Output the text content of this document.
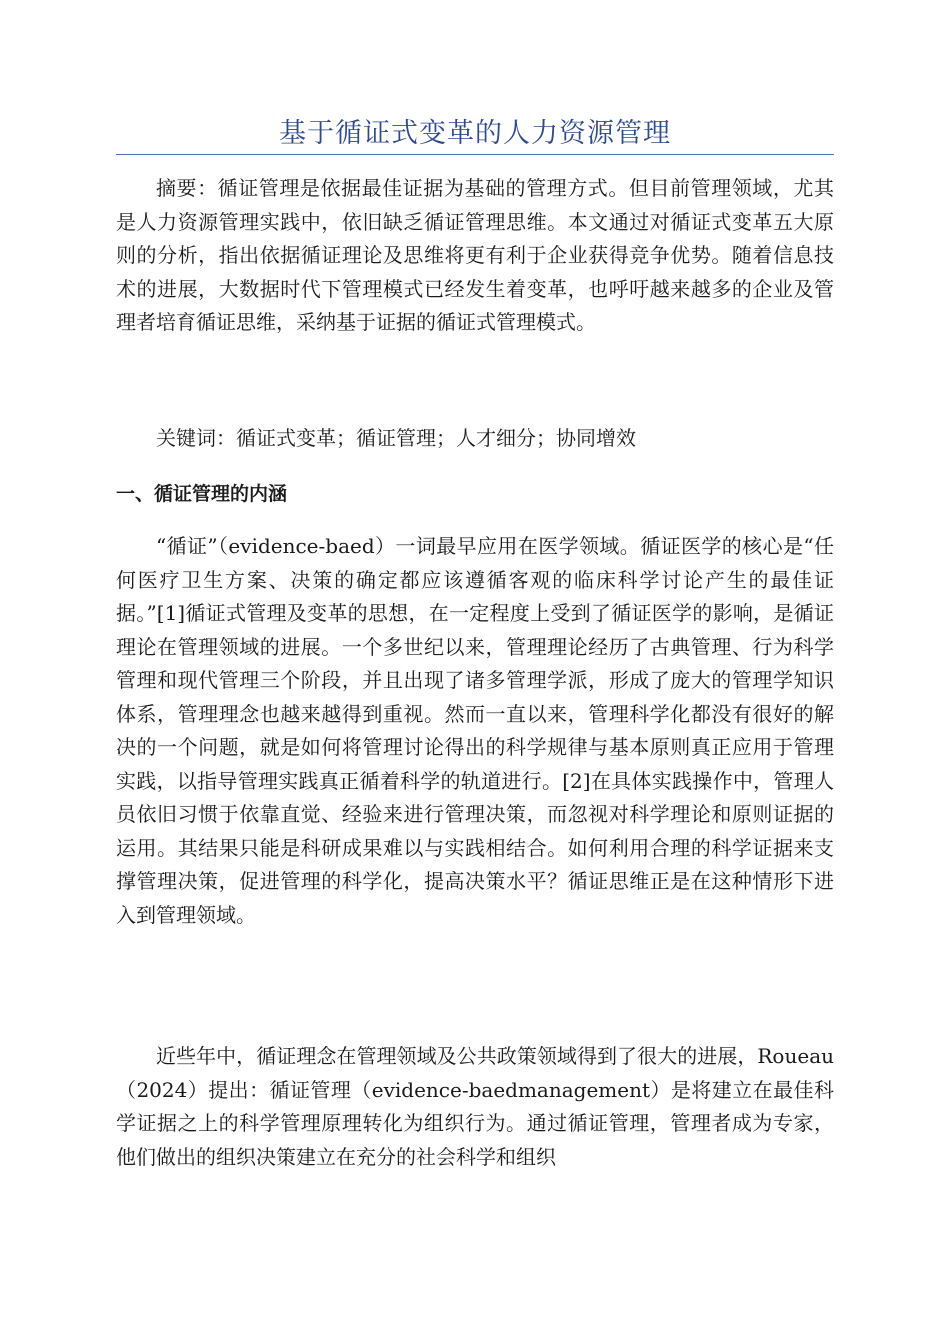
基于循证式变革的人力资源管理

摘要：循证管理是依据最佳证据为基础的管理方式。但目前管理领域，尤其是人力资源管理实践中，依旧缺乏循证管理思维。本文通过对循证式变革五大原则的分析，指出依据循证理论及思维将更有利于企业获得竞争优势。随着信息技术的进展，大数据时代下管理模式已经发生着变革，也呼吁越来越多的企业及管理者培育循证思维，采纳基于证据的循证式管理模式。

关键词：循证式变革；循证管理；人才细分；协同增效

一、循证管理的内涵

“循证”（evidence-baed）一词最早应用在医学领域。循证医学的核心是“任何医疗卫生方案、决策的确定都应该遵循客观的临床科学讨论产生的最佳证据。”[1]循证式管理及变革的思想，在一定程度上受到了循证医学的影响，是循证理论在管理领域的进展。一个多世纪以来，管理理论经历了古典管理、行为科学管理和现代管理三个阶段，并且出现了诸多管理学派，形成了庞大的管理学知识体系，管理理念也越来越得到重视。然而一直以来，管理科学化都没有很好的解决的一个问题，就是如何将管理讨论得出的科学规律与基本原则真正应用于管理实践，以指导管理实践真正循着科学的轨道进行。[2]在具体实践操作中，管理人员依旧习惯于依靠直觉、经验来进行管理决策，而忽视对科学理论和原则证据的运用。其结果只能是科研成果难以与实践相结合。如何利用合理的科学证据来支撑管理决策，促进管理的科学化，提高决策水平？循证思维正是在这种情形下进入到管理领域。

近些年中，循证理念在管理领域及公共政策领域得到了很大的进展，Roueau（2024）提出：循证管理（evidence-baedmanagement）是将建立在最佳科学证据之上的科学管理原理转化为组织行为。通过循证管理，管理者成为专家，他们做出的组织决策建立在充分的社会科学和组织
